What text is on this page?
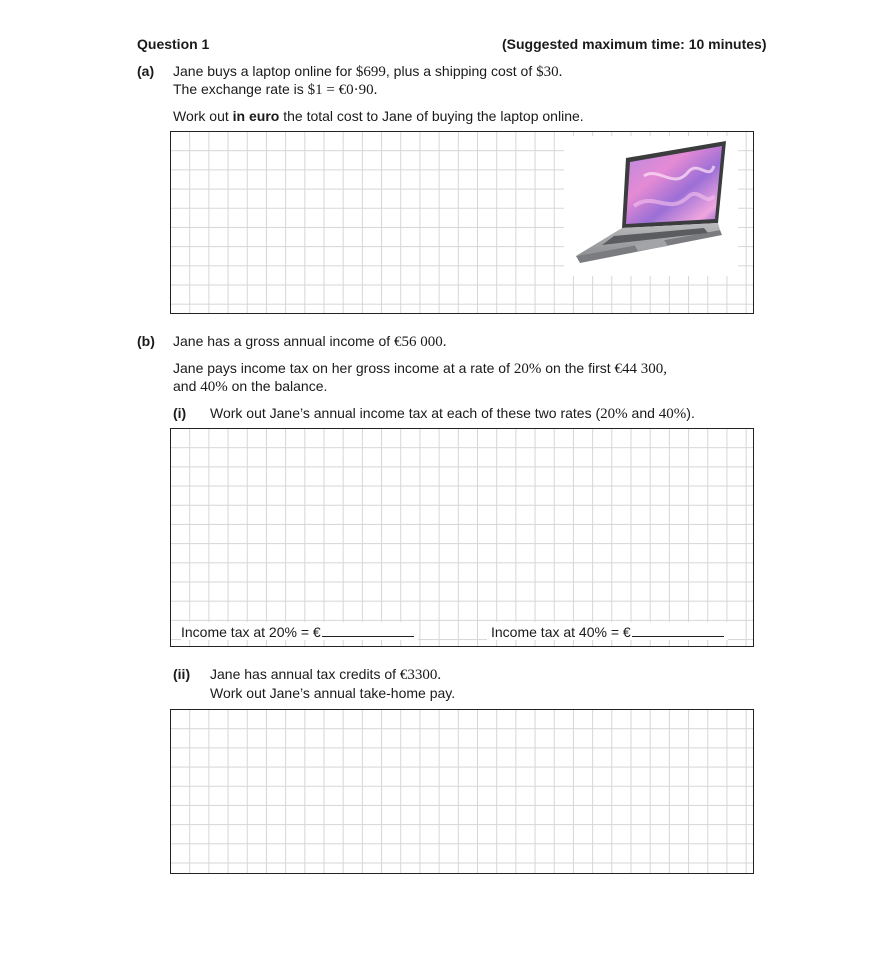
Question 1	(Suggested maximum time: 10 minutes)
(a) Jane buys a laptop online for $699, plus a shipping cost of $30.
The exchange rate is $1 = €0·90.
Work out in euro the total cost to Jane of buying the laptop online.
(b) Jane has a gross annual income of €56 000.
Jane pays income tax on her gross income at a rate of 20% on the first €44 300,
and 40% on the balance.
(i) Work out Jane’s annual income tax at each of these two rates (20% and 40%).
Income tax at 20% = €	Income tax at 40% = €
(ii) Jane has annual tax credits of €3300.
Work out Jane’s annual take-home pay.
